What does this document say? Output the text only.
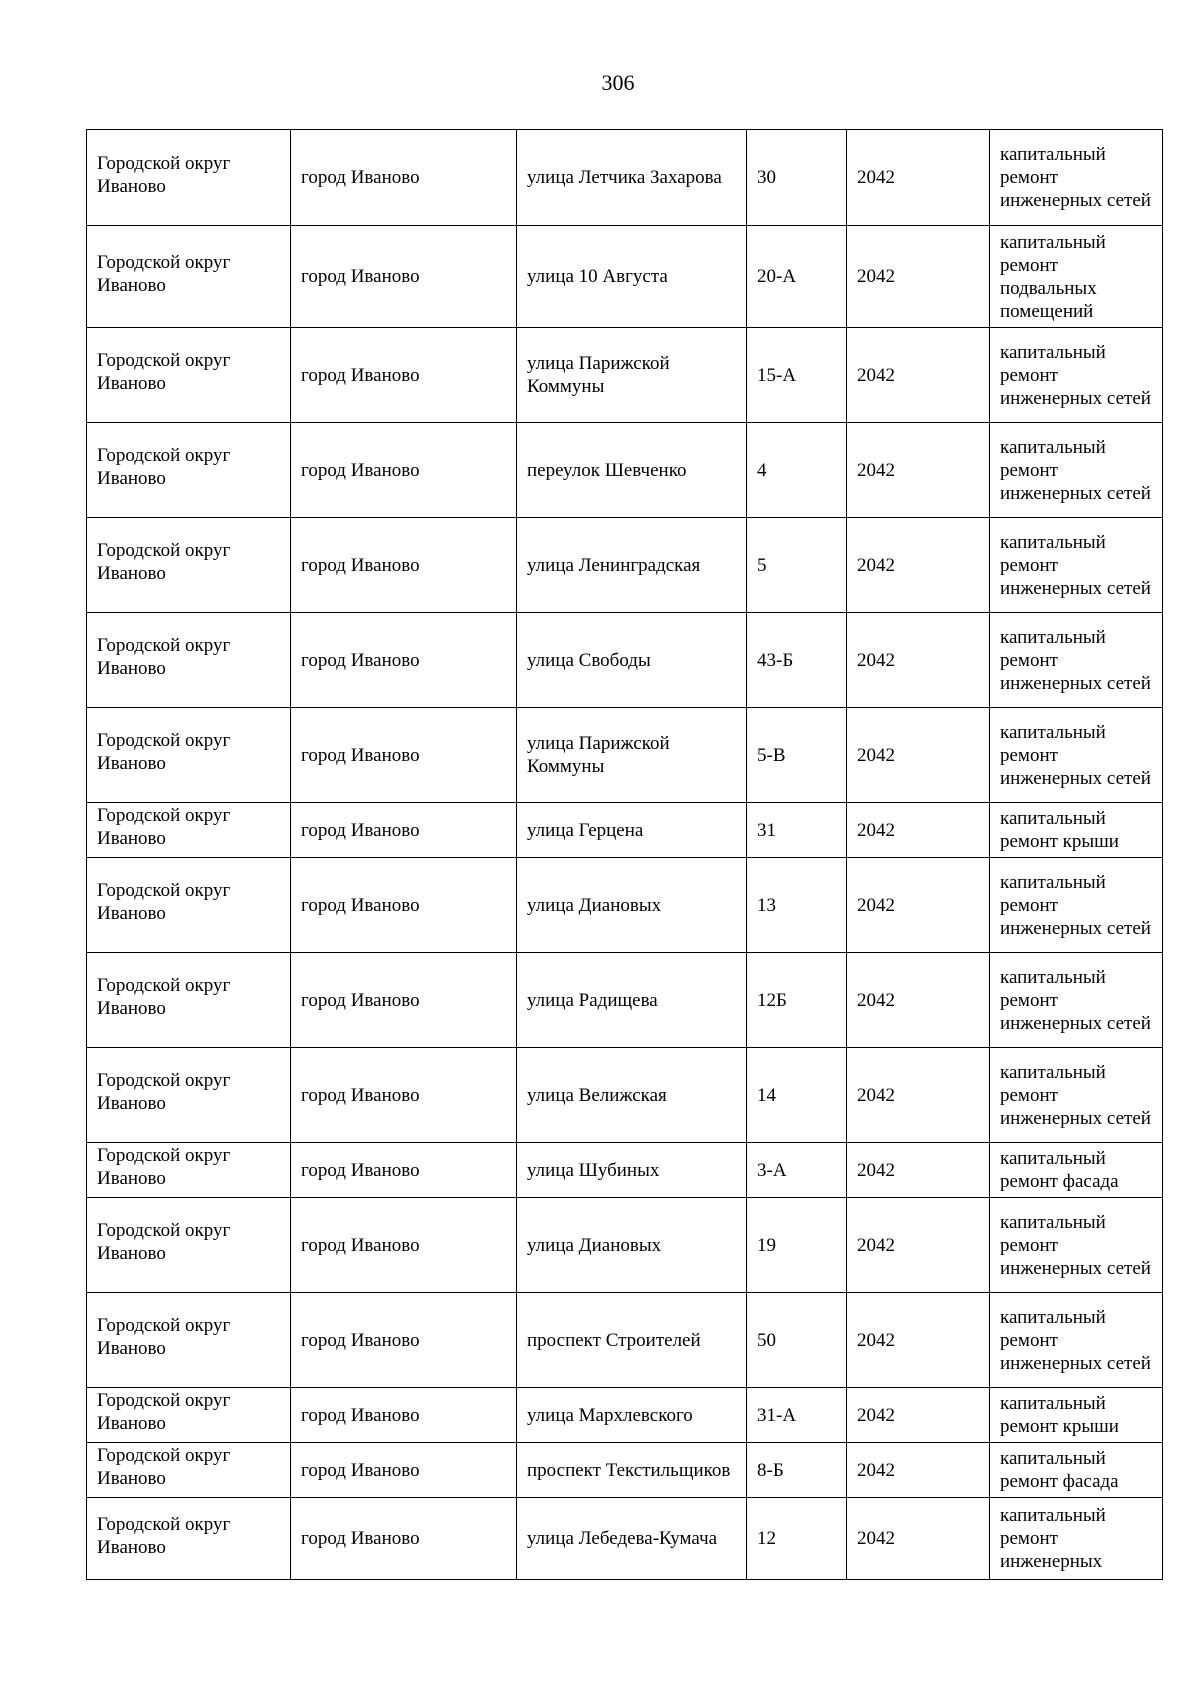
306
Городской округ Иваново	город Иваново	улица Летчика Захарова	30	2042	капитальный ремонт инженерных сетей

Городской округ Иваново	город Иваново	улица 10 Августа	20-А	2042	капитальный ремонт подвальных помещений

Городской округ Иваново	город Иваново	улица Парижской Коммуны	15-А	2042	капитальный ремонт инженерных сетей

Городской округ Иваново	город Иваново	переулок Шевченко	4	2042	капитальный ремонт инженерных сетей

Городской округ Иваново	город Иваново	улица Ленинградская	5	2042	капитальный ремонт инженерных сетей

Городской округ Иваново	город Иваново	улица Свободы	43-Б	2042	капитальный ремонт инженерных сетей

Городской округ Иваново	город Иваново	улица Парижской Коммуны	5-В	2042	капитальный ремонт инженерных сетей

Городской округ Иваново	город Иваново	улица Герцена	31	2042	капитальный ремонт крыши

Городской округ Иваново	город Иваново	улица Диановых	13	2042	капитальный ремонт инженерных сетей

Городской округ Иваново	город Иваново	улица Радищева	12Б	2042	капитальный ремонт инженерных сетей

Городской округ Иваново	город Иваново	улица Велижская	14	2042	капитальный ремонт инженерных сетей

Городской округ Иваново	город Иваново	улица Шубиных	3-А	2042	капитальный ремонт фасада

Городской округ Иваново	город Иваново	улица Диановых	19	2042	капитальный ремонт инженерных сетей

Городской округ Иваново	город Иваново	проспект Строителей	50	2042	капитальный ремонт инженерных сетей

Городской округ Иваново	город Иваново	улица Мархлевского	31-А	2042	капитальный ремонт крыши

Городской округ Иваново	город Иваново	проспект Текстильщиков	8-Б	2042	капитальный ремонт фасада

Городской округ Иваново	город Иваново	улица Лебедева-Кумача	12	2042	капитальный ремонт инженерных
